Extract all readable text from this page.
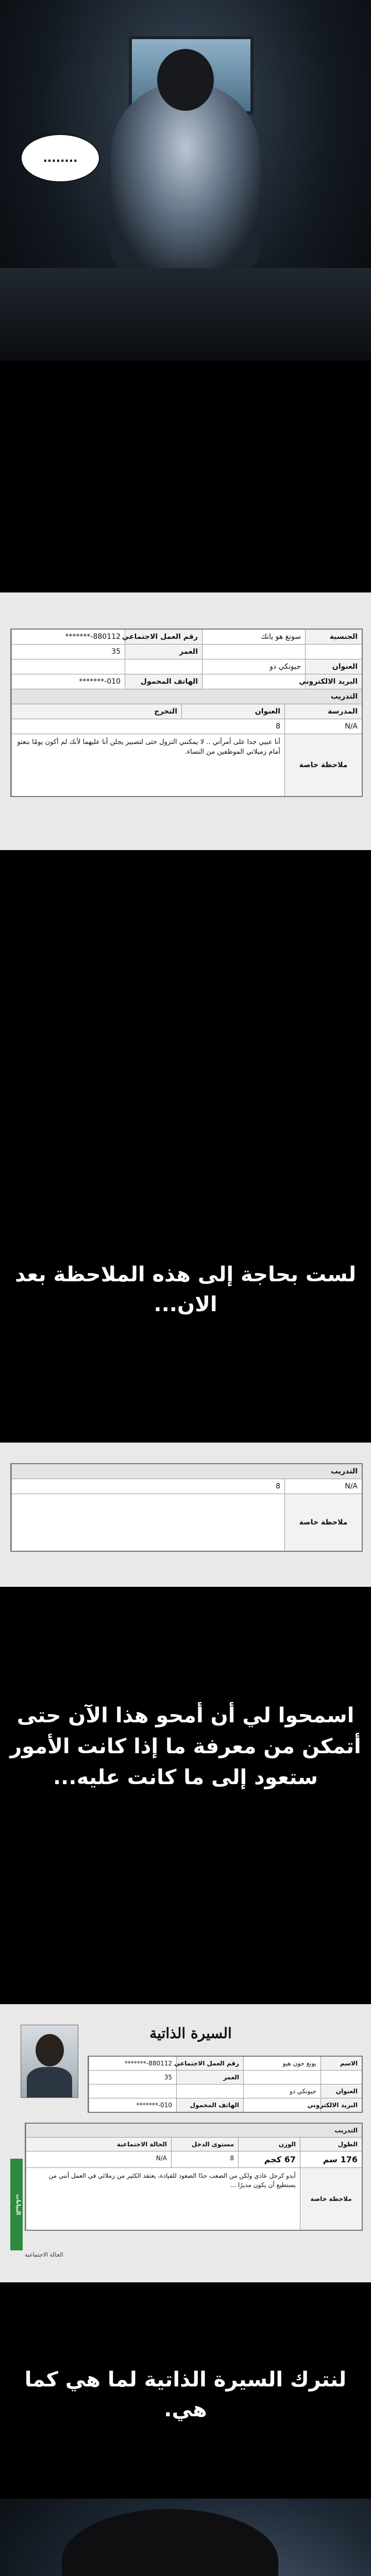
........
الجنسية
سونغ هو يانك
رقم العمل الاجتماعي
880112-*******
العمر
35
العنوان
جيونكي دو
البريد الالكتروني
الهاتف المحمول
010-*******
التدريب
المدرسة
العنوان
التخرج
N/A
8
ملاحظة خاصة
أنا عبيي جدا على أمرأتي .. لا يمكنني النزول حتى لتصبير يجلن أنا عليهما لأنك لم أكون يومًا بنعتو أمام زميلاتي الموظفين من النساء.
لست بحاجة إلى هذه الملاحظة بعد
الان...
التدريب
N/A
8
ملاحظة خاصة
اسمحوا لي أن أمحو هذا الآن حتى
أتمكن من معرفة ما إذا كانت الأمور
ستعود إلى ما كانت عليه...
السيرة الذاتية
الاسم
يونغ جون هيو
رقم العمل الاجتماعي
880112-*******
العمر
35
العنوان
جيونكي دو
البريد الالكتروني
الهاتف المحمول
010-*******
البيانات
التدريب
الطول
الوزن
مستوى الدخل
الحالة الاجتماعية
176 سم
67 كجم
8
N/A
ملاحظة خاصة
أبدو كرجل عادي ولكن من الصعب جدًا الصعود للقيادة، يعتقد الكثير من زملائي في العمل أنني من يستطيع أن يكون مديرًا ...
الحالة الاجتماعية
لنترك السيرة الذاتية لما هي كما هي.
